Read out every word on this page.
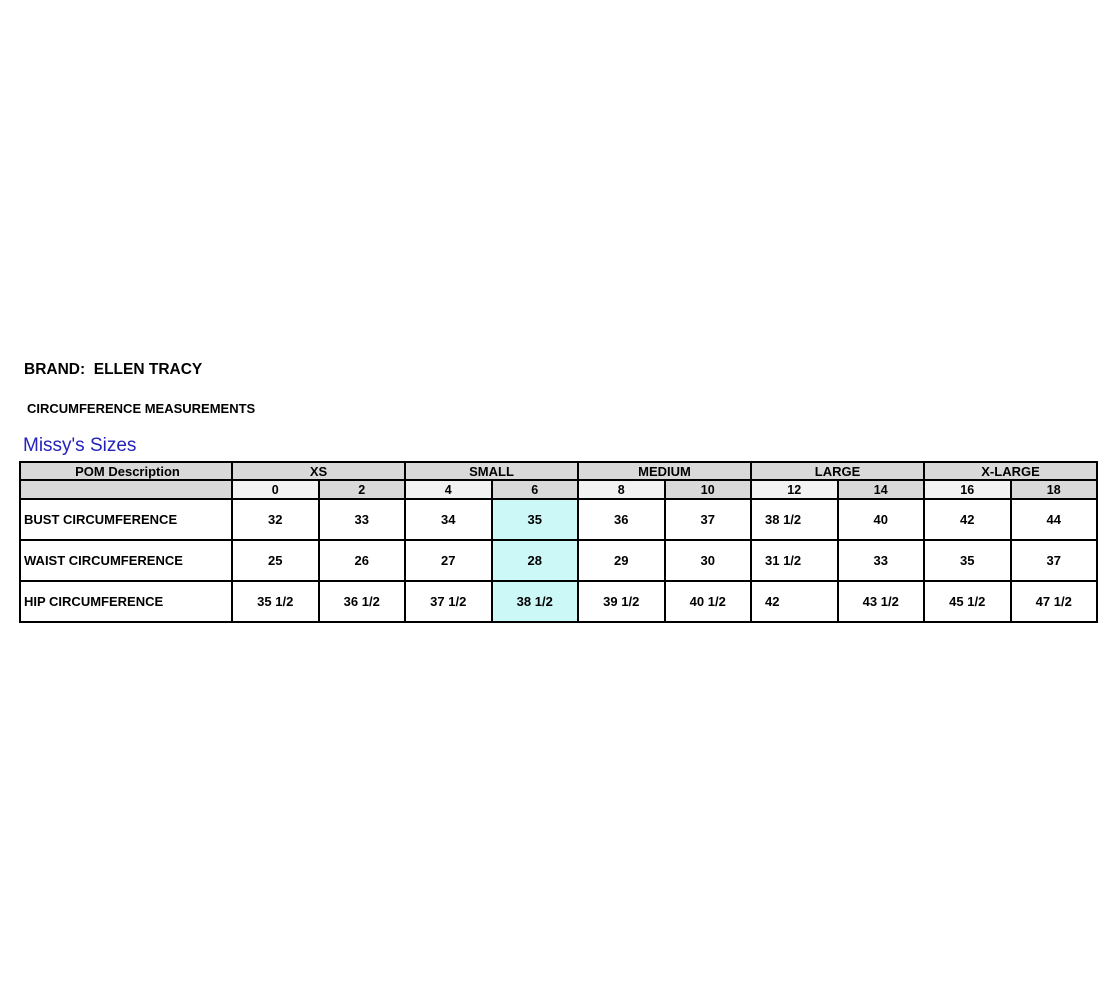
BRAND:  ELLEN TRACY
CIRCUMFERENCE MEASUREMENTS
Missy's Sizes
POM Description	XS		SMALL		MEDIUM		LARGE		X-LARGE	
	0	2	4	6	8	10	12	14	16	18
BUST CIRCUMFERENCE	32	33	34	35	36	37	38 1/2	40	42	44
WAIST CIRCUMFERENCE	25	26	27	28	29	30	31 1/2	33	35	37
HIP CIRCUMFERENCE	35 1/2	36 1/2	37 1/2	38 1/2	39 1/2	40 1/2	42	43 1/2	45 1/2	47 1/2
